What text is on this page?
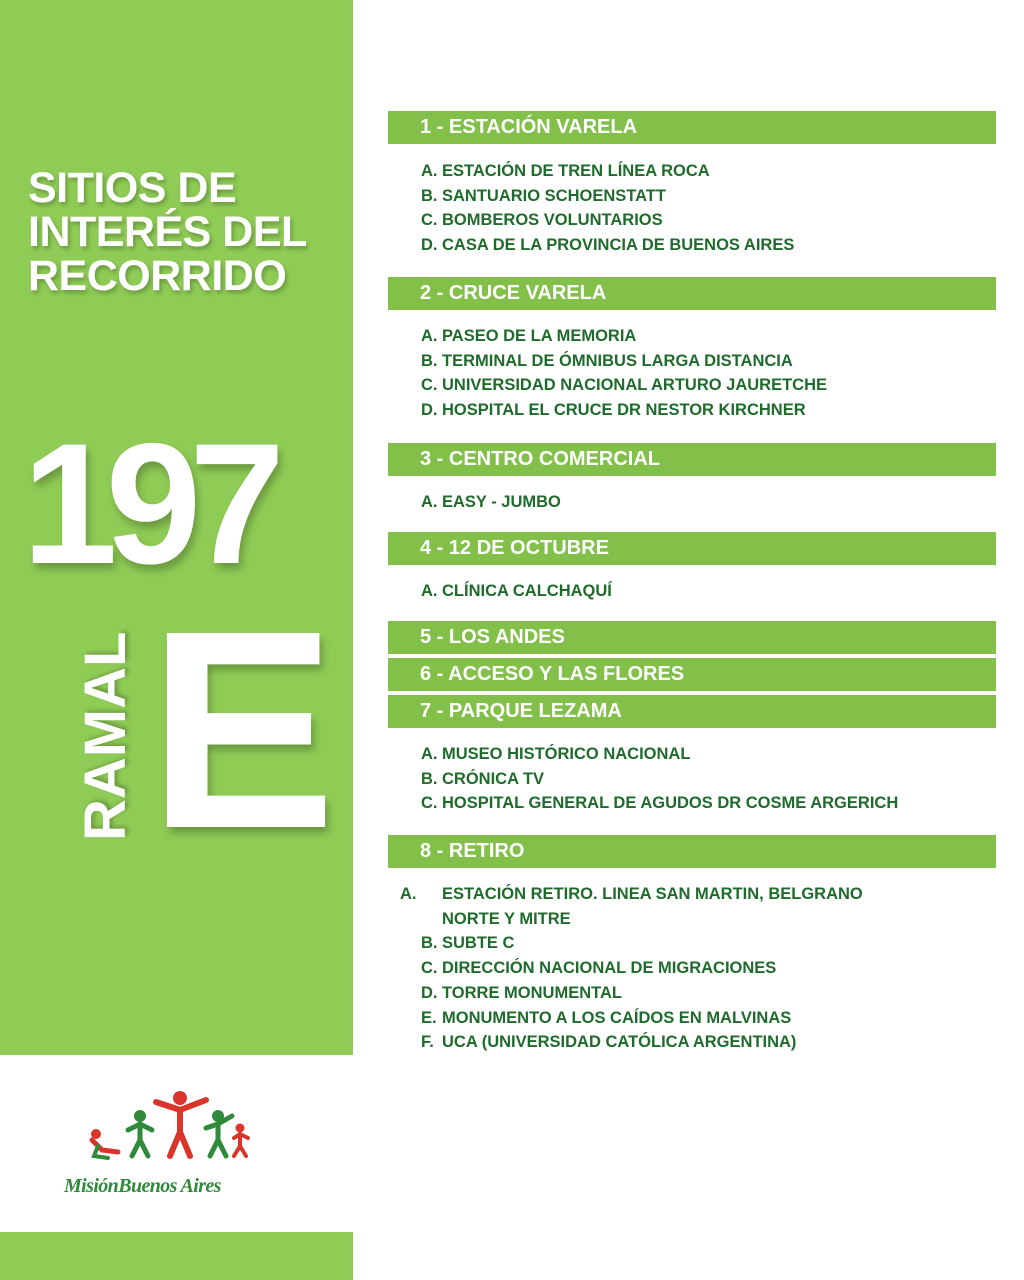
SITIOS DE
INTERÉS DEL
RECORRIDO
197
RAMAL E
1 - ESTACIÓN VARELA
A. ESTACIÓN DE TREN LÍNEA ROCA
B. SANTUARIO SCHOENSTATT
C. BOMBEROS VOLUNTARIOS
D. CASA DE LA PROVINCIA DE BUENOS AIRES
2 - CRUCE VARELA
A. PASEO DE LA MEMORIA
B. TERMINAL DE ÓMNIBUS LARGA DISTANCIA
C. UNIVERSIDAD NACIONAL ARTURO JAURETCHE
D. HOSPITAL EL CRUCE DR NESTOR KIRCHNER
3 - CENTRO COMERCIAL
A. EASY - JUMBO
4 - 12 DE OCTUBRE
A. CLÍNICA CALCHAQUÍ
5 - LOS ANDES
6 - ACCESO Y LAS FLORES
7 - PARQUE LEZAMA
A. MUSEO HISTÓRICO NACIONAL
B. CRÓNICA TV
C. HOSPITAL GENERAL DE AGUDOS DR COSME ARGERICH
8 - RETIRO
A. ESTACIÓN RETIRO. LINEA SAN MARTIN, BELGRANO NORTE Y MITRE
B. SUBTE C
C. DIRECCIÓN NACIONAL DE MIGRACIONES
D. TORRE MONUMENTAL
E. MONUMENTO A LOS CAÍDOS EN MALVINAS
F. UCA (UNIVERSIDAD CATÓLICA ARGENTINA)
MisiónBuenos Aires
